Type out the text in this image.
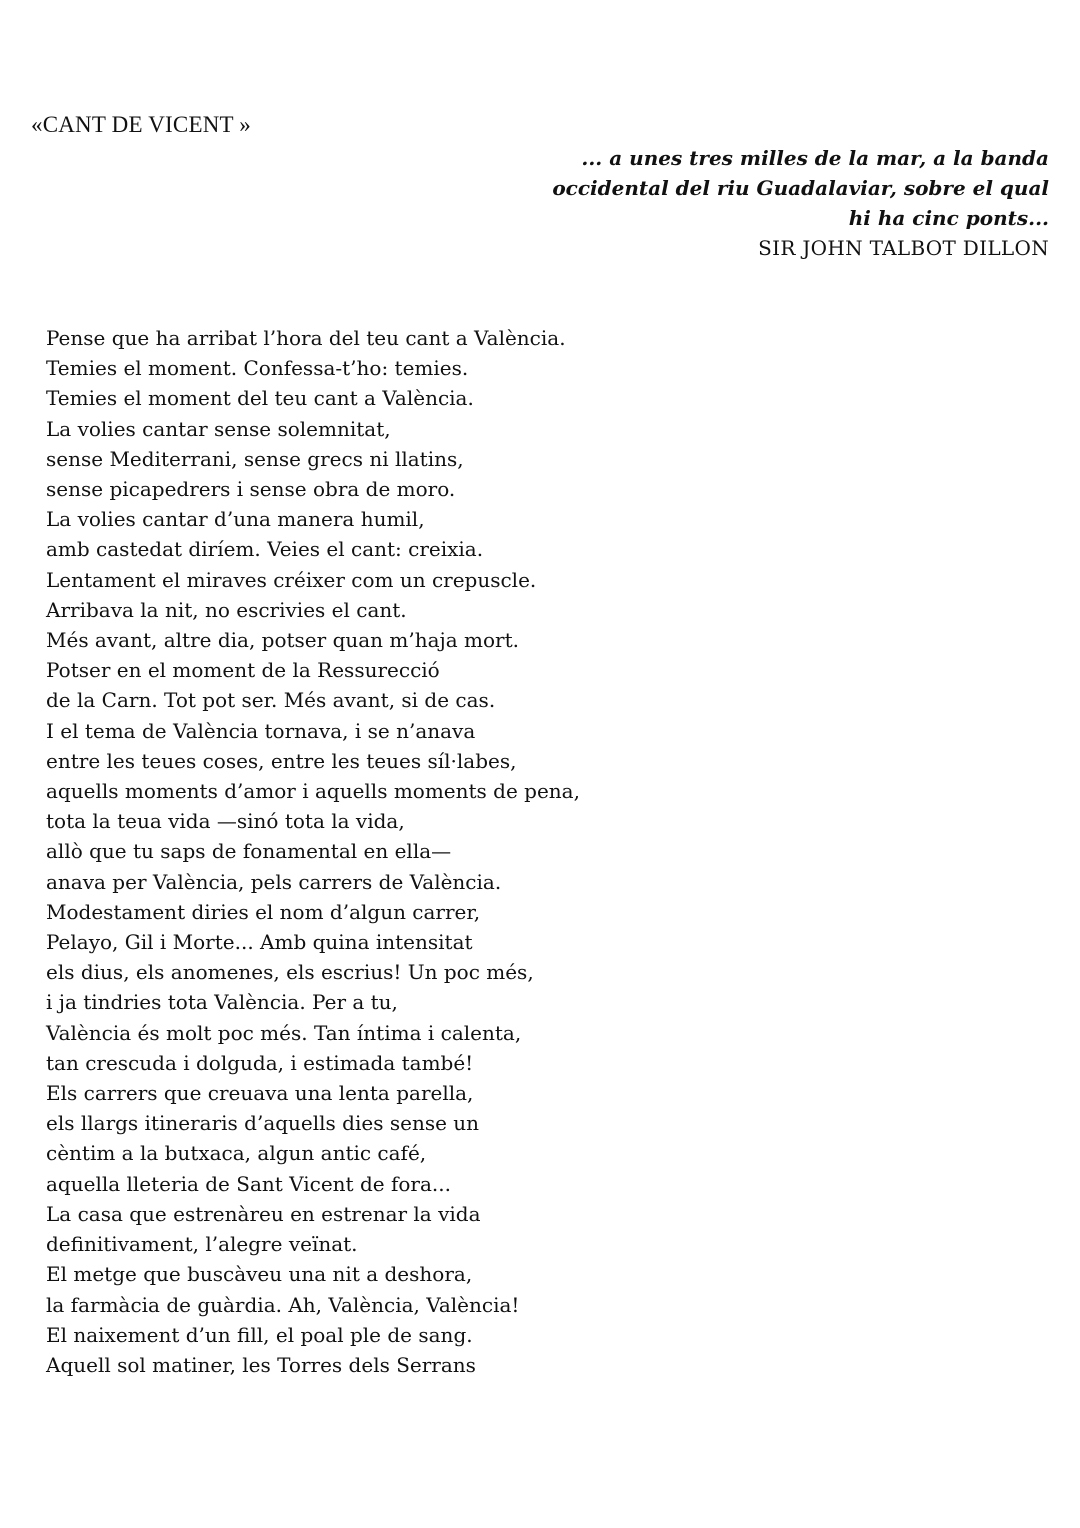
«CANT DE VICENT »
... a unes tres milles de la mar, a la banda
occidental del riu Guadalaviar, sobre el qual
hi ha cinc ponts...
SIR JOHN TALBOT DILLON
Pense que ha arribat l’hora del teu cant a València.
Temies el moment. Confessa-t’ho: temies.
Temies el moment del teu cant a València.
La volies cantar sense solemnitat,
sense Mediterrani, sense grecs ni llatins,
sense picapedrers i sense obra de moro.
La volies cantar d’una manera humil,
amb castedat diríem. Veies el cant: creixia.
Lentament el miraves créixer com un crepuscle.
Arribava la nit, no escrivies el cant.
Més avant, altre dia, potser quan m’haja mort.
Potser en el moment de la Ressurecció
de la Carn. Tot pot ser. Més avant, si de cas.
I el tema de València tornava, i se n’anava
entre les teues coses, entre les teues síl·labes,
aquells moments d’amor i aquells moments de pena,
tota la teua vida —sinó tota la vida,
allò que tu saps de fonamental en ella—
anava per València, pels carrers de València.
Modestament diries el nom d’algun carrer,
Pelayo, Gil i Morte... Amb quina intensitat
els dius, els anomenes, els escrius! Un poc més,
i ja tindries tota València. Per a tu,
València és molt poc més. Tan íntima i calenta,
tan crescuda i dolguda, i estimada també!
Els carrers que creuava una lenta parella,
els llargs itineraris d’aquells dies sense un
cèntim a la butxaca, algun antic café,
aquella lleteria de Sant Vicent de fora...
La casa que estrenàreu en estrenar la vida
definitivament, l’alegre veïnat.
El metge que buscàveu una nit a deshora,
la farmàcia de guàrdia. Ah, València, València!
El naixement d’un fill, el poal ple de sang.
Aquell sol matiner, les Torres dels Serrans
